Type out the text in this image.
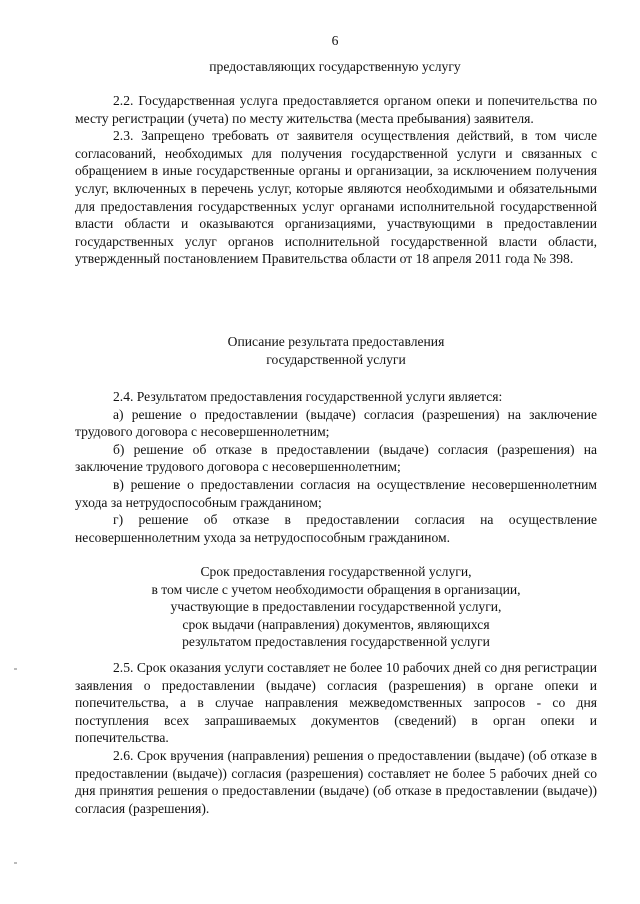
6
предоставляющих государственную услугу

2.2. Государственная услуга предоставляется органом опеки и попечительства по месту регистрации (учета) по месту жительства (места пребывания) заявителя.

2.3. Запрещено требовать от заявителя осуществления действий, в том числе согласований, необходимых для получения государственной услуги и связанных с обращением в иные государственные органы и организации, за исключением получения услуг, включенных в перечень услуг, которые являются необходимыми и обязательными для предоставления государственных услуг органами исполнительной государственной власти области и оказываются организациями, участвующими в предоставлении государственных услуг органов исполнительной государственной власти области, утвержденный постановлением Правительства области от 18 апреля 2011 года № 398.

Описание результата предоставления

государственной услуги

2.4. Результатом предоставления государственной услуги является:

а) решение о предоставлении (выдаче) согласия (разрешения) на заключение трудового договора с несовершеннолетним;

б) решение об отказе в предоставлении (выдаче) согласия (разрешения) на заключение трудового договора с несовершеннолетним;

в) решение о предоставлении согласия на осуществление несовершеннолетним ухода за нетрудоспособным гражданином;

г) решение об отказе в предоставлении согласия на осуществление несовершеннолетним ухода за нетрудоспособным гражданином.

Срок предоставления государственной услуги,

в том числе с учетом необходимости обращения в организации,

участвующие в предоставлении государственной услуги,

срок выдачи (направления) документов, являющихся

результатом предоставления государственной услуги

2.5. Срок оказания услуги составляет не более 10 рабочих дней со дня регистрации заявления о предоставлении (выдаче) согласия (разрешения) в органе опеки и попечительства, а в случае направления межведомственных запросов - со дня поступления всех запрашиваемых документов (сведений) в орган опеки и попечительства.

2.6. Срок вручения (направления) решения о предоставлении (выдаче) (об отказе в предоставлении (выдаче)) согласия (разрешения) составляет не более 5 рабочих дней со дня принятия решения о предоставлении (выдаче) (об отказе в предоставлении (выдаче)) согласия (разрешения).
